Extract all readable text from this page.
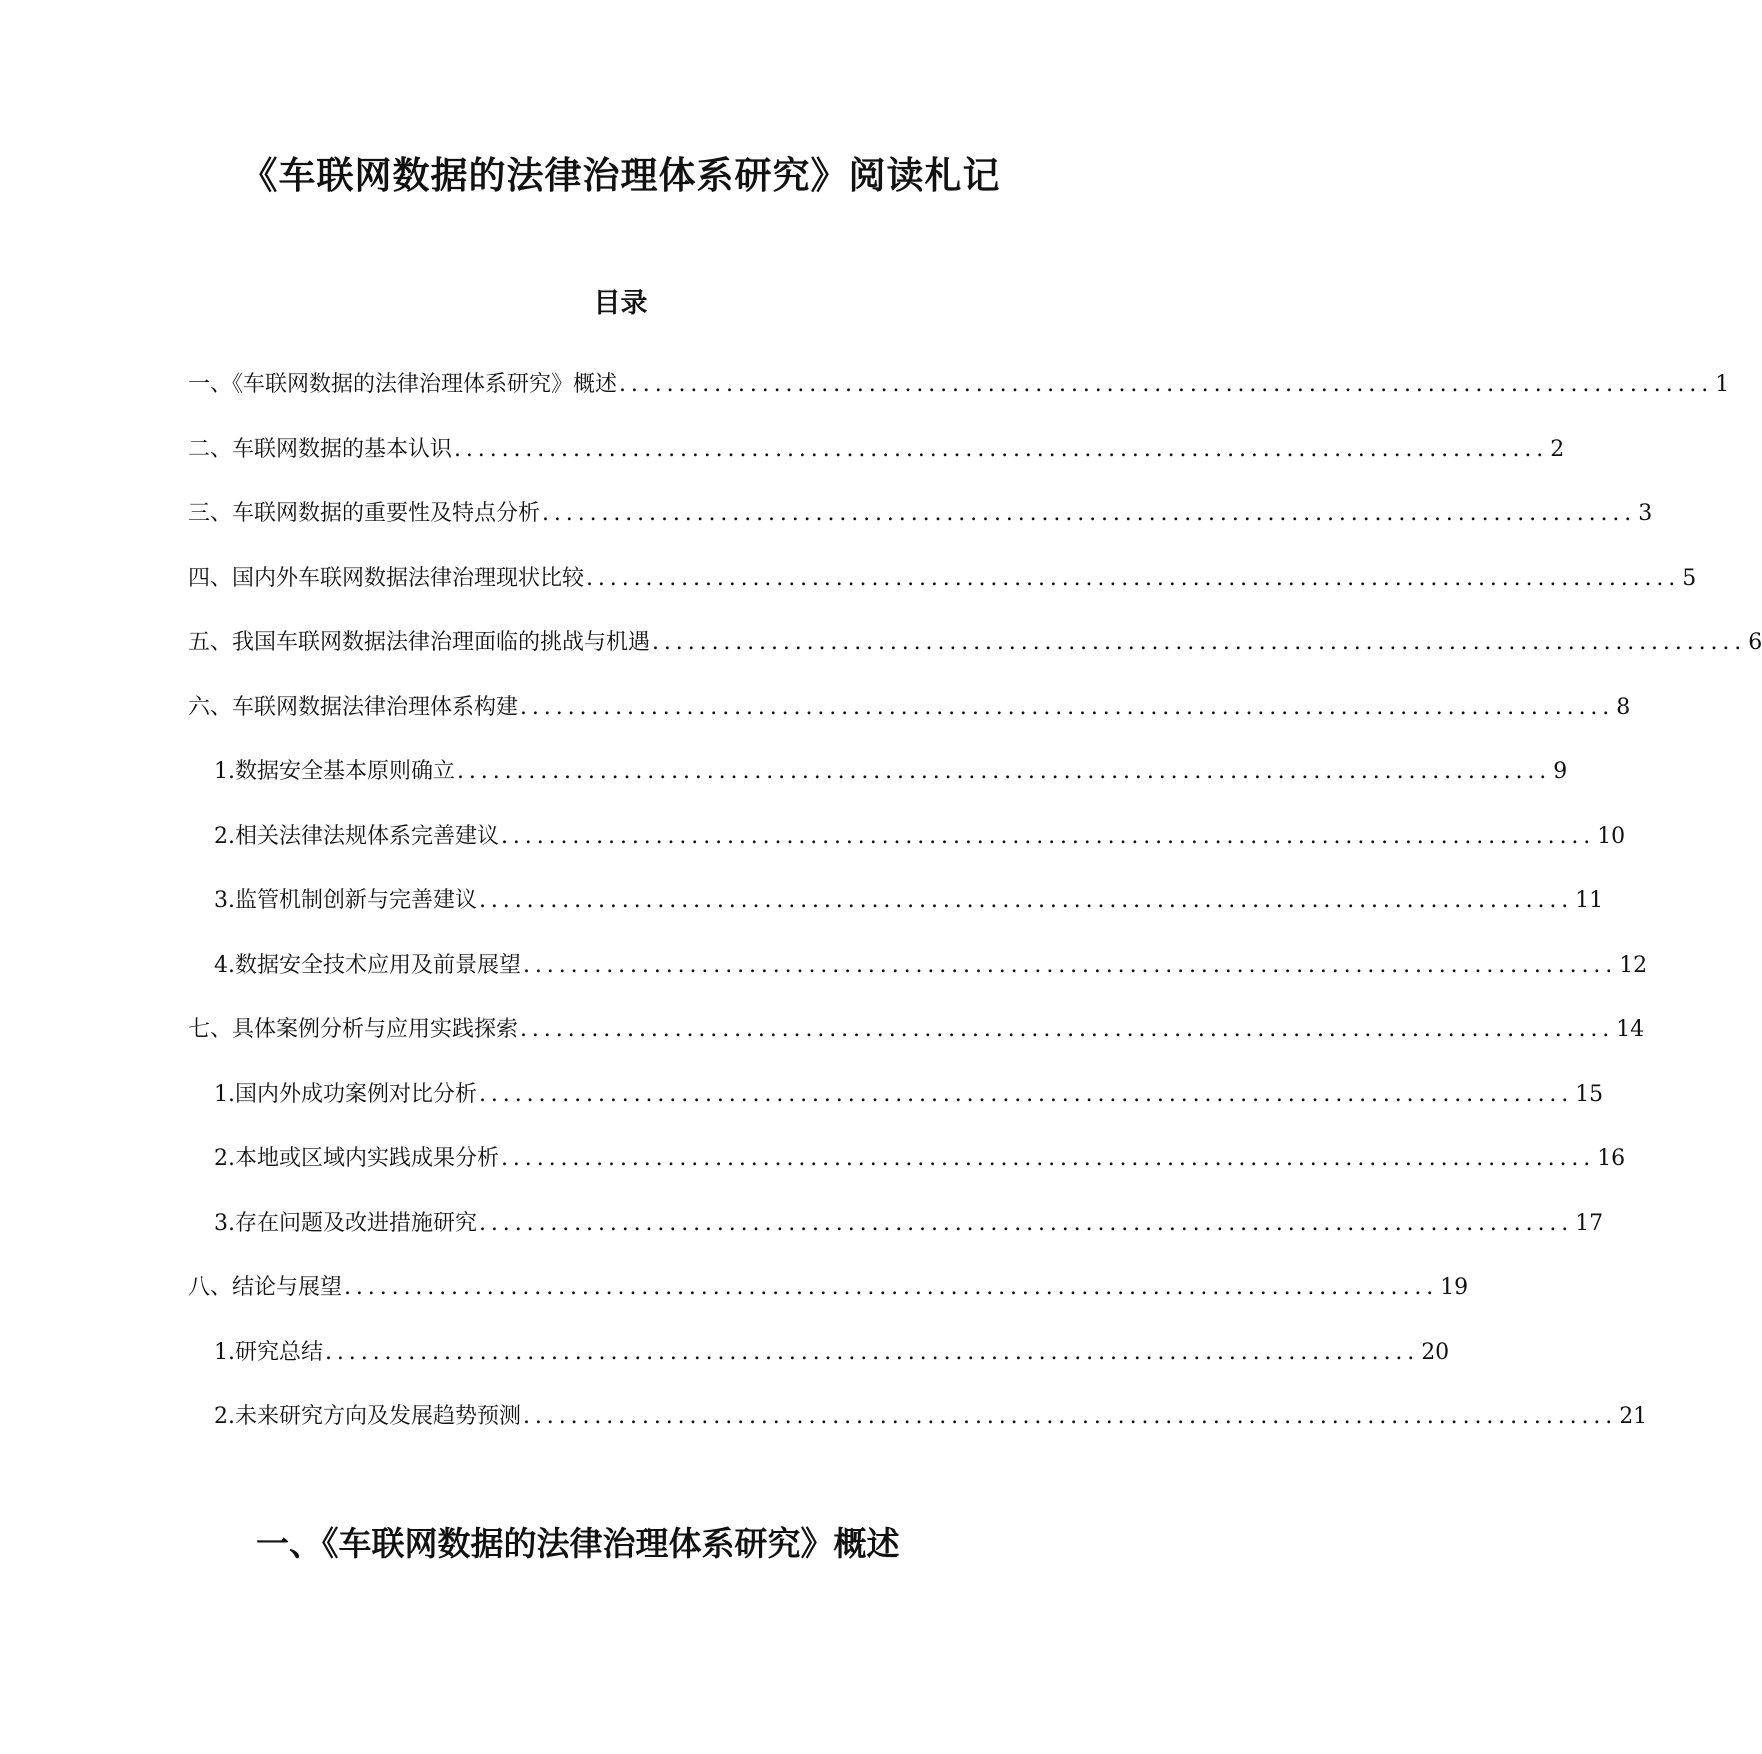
《车联网数据的法律治理体系研究》阅读札记
目录
一、《车联网数据的法律治理体系研究》概述 ............................................................................................ 1
二、车联网数据的基本认识 ............................................................................................ 2
三、车联网数据的重要性及特点分析 ............................................................................................ 3
四、国内外车联网数据法律治理现状比较 ............................................................................................ 5
五、我国车联网数据法律治理面临的挑战与机遇 ............................................................................................ 6
六、车联网数据法律治理体系构建 ............................................................................................ 8
1. 数据安全基本原则确立 ............................................................................................ 9
2. 相关法律法规体系完善建议 ............................................................................................ 10
3. 监管机制创新与完善建议 ............................................................................................ 11
4. 数据安全技术应用及前景展望 ............................................................................................ 12
七、具体案例分析与应用实践探索 ............................................................................................ 14
1. 国内外成功案例对比分析 ............................................................................................ 15
2. 本地或区域内实践成果分析 ............................................................................................ 16
3. 存在问题及改进措施研究 ............................................................................................ 17
八、结论与展望 ............................................................................................ 19
1. 研究总结 ............................................................................................ 20
2. 未来研究方向及发展趋势预测 ............................................................................................ 21
一、《车联网数据的法律治理体系研究》概述
